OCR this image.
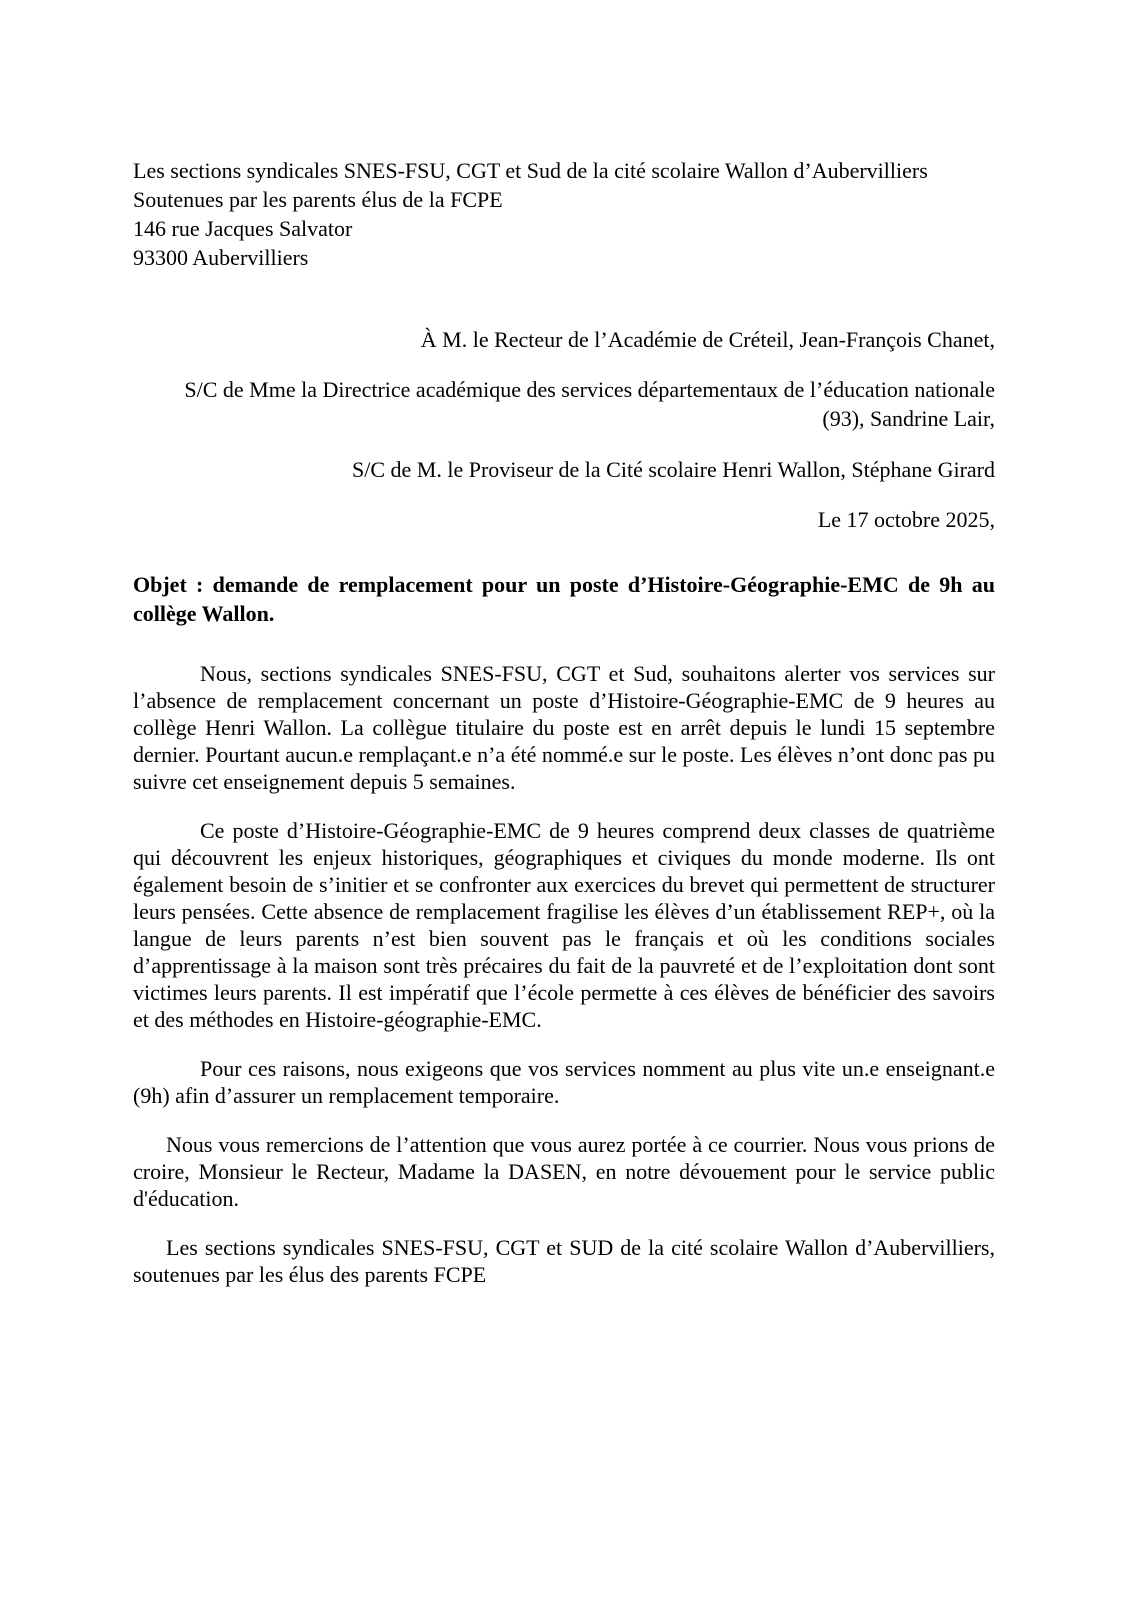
Les sections syndicales SNES-FSU, CGT et Sud de la cité scolaire Wallon d’Aubervilliers
Soutenues par les parents élus de la FCPE
146 rue Jacques Salvator
93300 Aubervilliers
À M. le Recteur de l’Académie de Créteil, Jean-François Chanet,
S/C de Mme la Directrice académique des services départementaux de l’éducation nationale
(93), Sandrine Lair,
S/C de M. le Proviseur de la Cité scolaire Henri Wallon, Stéphane Girard
Le 17 octobre 2025,

Objet : demande de remplacement pour un poste d’Histoire-Géographie-EMC de 9h au collège Wallon.

Nous, sections syndicales SNES-FSU, CGT et Sud, souhaitons alerter vos services sur l’absence de remplacement concernant un poste d’Histoire-Géographie-EMC de 9 heures au collège Henri Wallon. La collègue titulaire du poste est en arrêt depuis le lundi 15 septembre dernier. Pourtant aucun.e remplaçant.e n’a été nommé.e sur le poste. Les élèves n’ont donc pas pu suivre cet enseignement depuis 5 semaines.

Ce poste d’Histoire-Géographie-EMC de 9 heures comprend deux classes de quatrième qui découvrent les enjeux historiques, géographiques et civiques du monde moderne. Ils ont également besoin de s’initier et se confronter aux exercices du brevet qui permettent de structurer leurs pensées. Cette absence de remplacement fragilise les élèves d’un établissement REP+, où la langue de leurs parents n’est bien souvent pas le français et où les conditions sociales d’apprentissage à la maison sont très précaires du fait de la pauvreté et de l’exploitation dont sont victimes leurs parents. Il est impératif que l’école permette à ces élèves de bénéficier des savoirs et des méthodes en Histoire-géographie-EMC.

Pour ces raisons, nous exigeons que vos services nomment au plus vite un.e enseignant.e (9h) afin d’assurer un remplacement temporaire.

Nous vous remercions de l’attention que vous aurez portée à ce courrier. Nous vous prions de croire, Monsieur le Recteur, Madame la DASEN, en notre dévouement pour le service public d'éducation.

Les sections syndicales SNES-FSU, CGT et SUD de la cité scolaire Wallon d’Aubervilliers, soutenues par les élus des parents FCPE
